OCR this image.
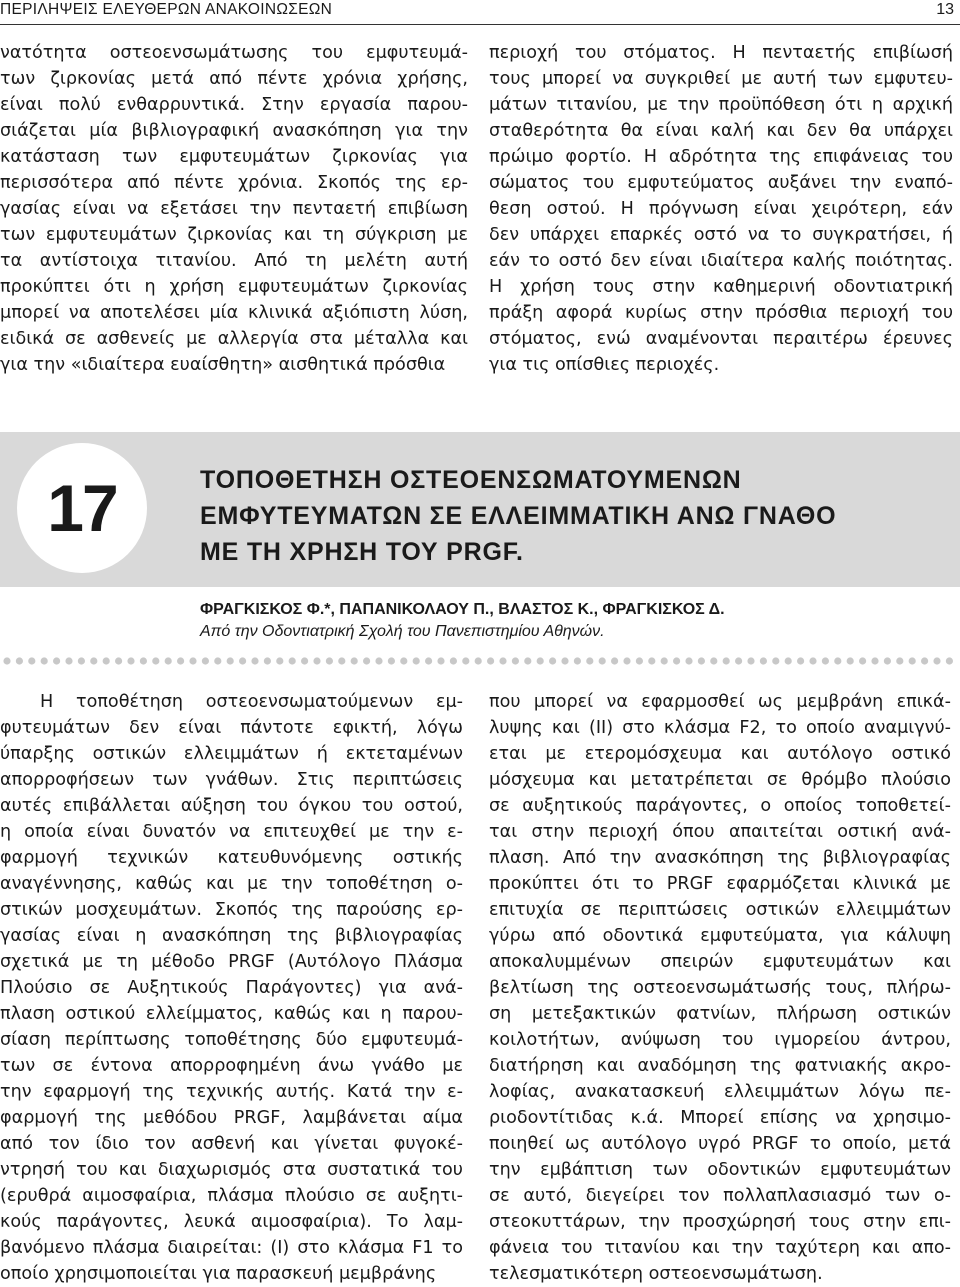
ΠΕΡΙΛΗΨΕΙΣ ΕΛΕΥΘΕΡΩΝ ΑΝΑΚΟΙΝΩΣΕΩΝ	13

νατότητα οστεοενσωμάτωσης του εμφυτευμά-

των ζιρκονίας μετά από πέντε χρόνια χρήσης,

είναι πολύ ενθαρρυντικά. Στην εργασία παρου-

σιάζεται μία βιβλιογραφική ανασκόπηση για την

κατάσταση των εμφυτευμάτων ζιρκονίας για

περισσότερα από πέντε χρόνια. Σκοπός της ερ-

γασίας είναι να εξετάσει την πενταετή επιβίωση

των εμφυτευμάτων ζιρκονίας και τη σύγκριση με

τα αντίστοιχα τιτανίου. Από τη μελέτη αυτή

προκύπτει ότι η χρήση εμφυτευμάτων ζιρκονίας

μπορεί να αποτελέσει μία κλινικά αξιόπιστη λύση,

ειδικά σε ασθενείς με αλλεργία στα μέταλλα και

για την «ιδιαίτερα ευαίσθητη» αισθητικά πρόσθια

περιοχή του στόματος. Η πενταετής επιβίωσή

τους μπορεί να συγκριθεί με αυτή των εμφυτευ-

μάτων τιτανίου, με την προϋπόθεση ότι η αρχική

σταθερότητα θα είναι καλή και δεν θα υπάρχει

πρώιμο φορτίο. Η αδρότητα της επιφάνειας του

σώματος του εμφυτεύματος αυξάνει την εναπό-

θεση οστού. Η πρόγνωση είναι χειρότερη, εάν

δεν υπάρχει επαρκές οστό να το συγκρατήσει, ή

εάν το οστό δεν είναι ιδιαίτερα καλής ποιότητας.

Η χρήση τους στην καθημερινή οδοντιατρική

πράξη αφορά κυρίως στην πρόσθια περιοχή του

στόματος, ενώ αναμένονται περαιτέρω έρευνες

για τις οπίσθιες περιοχές.

17	ΤΟΠΟΘΕΤΗΣΗ ΟΣΤΕΟΕΝΣΩΜΑΤΟΥΜΕΝΩΝ
ΕΜΦΥΤΕΥΜΑΤΩΝ ΣΕ ΕΛΛΕΙΜΜΑΤΙΚΗ ΑΝΩ ΓΝΑΘΟ
ΜΕ ΤΗ ΧΡΗΣΗ ΤΟΥ PRGF.
ΦΡΑΓΚΙΣΚΟΣ Φ.*, ΠΑΠΑΝΙΚΟΛΑΟΥ Π., ΒΛΑΣΤΟΣ Κ., ΦΡΑΓΚΙΣΚΟΣ Δ.
Από την Οδοντιατρική Σχολή του Πανεπιστημίου Αθηνών.

Η τοποθέτηση οστεοενσωματούμενων εμ-

φυτευμάτων δεν είναι πάντοτε εφικτή, λόγω

ύπαρξης οστικών ελλειμμάτων ή εκτεταμένων

απορροφήσεων των γνάθων. Στις περιπτώσεις

αυτές επιβάλλεται αύξηση του όγκου του οστού,

η οποία είναι δυνατόν να επιτευχθεί με την ε-

φαρμογή τεχνικών κατευθυνόμενης οστικής

αναγέννησης, καθώς και με την τοποθέτηση ο-

στικών μοσχευμάτων. Σκοπός της παρούσης ερ-

γασίας είναι η ανασκόπηση της βιβλιογραφίας

σχετικά με τη μέθοδο PRGF (Αυτόλογο Πλάσμα

Πλούσιο σε Αυξητικούς Παράγοντες) για ανά-

πλαση οστικού ελλείμματος, καθώς και η παρου-

σίαση περίπτωσης τοποθέτησης δύο εμφυτευμά-

των σε έντονα απορροφημένη άνω γνάθο με

την εφαρμογή της τεχνικής αυτής. Κατά την ε-

φαρμογή της μεθόδου PRGF, λαμβάνεται αίμα

από τον ίδιο τον ασθενή και γίνεται φυγοκέ-

ντρησή του και διαχωρισμός στα συστατικά του

(ερυθρά αιμοσφαίρια, πλάσμα πλούσιο σε αυξητι-

κούς παράγοντες, λευκά αιμοσφαίρια). Το λαμ-

βανόμενο πλάσμα διαιρείται: (Ι) στο κλάσμα F1 το

οποίο χρησιμοποιείται για παρασκευή μεμβράνης

που μπορεί να εφαρμοσθεί ως μεμβράνη επικά-

λυψης και (ΙΙ) στο κλάσμα F2, το οποίο αναμιγνύ-

εται με ετερομόσχευμα και αυτόλογο οστικό

μόσχευμα και μετατρέπεται σε θρόμβο πλούσιο

σε αυξητικούς παράγοντες, ο οποίος τοποθετεί-

ται στην περιοχή όπου απαιτείται οστική ανά-

πλαση. Από την ανασκόπηση της βιβλιογραφίας

προκύπτει ότι το PRGF εφαρμόζεται κλινικά με

επιτυχία σε περιπτώσεις οστικών ελλειμμάτων

γύρω από οδοντικά εμφυτεύματα, για κάλυψη

αποκαλυμμένων σπειρών εμφυτευμάτων και

βελτίωση της οστεοενσωμάτωσής τους, πλήρω-

ση μετεξακτικών φατνίων, πλήρωση οστικών

κοιλοτήτων, ανύψωση του ιγμορείου άντρου,

διατήρηση και αναδόμηση της φατνιακής ακρο-

λοφίας, ανακατασκευή ελλειμμάτων λόγω πε-

ριοδοντίτιδας κ.ά. Μπορεί επίσης να χρησιμο-

ποιηθεί ως αυτόλογο υγρό PRGF το οποίο, μετά

την εμβάπτιση των οδοντικών εμφυτευμάτων

σε αυτό, διεγείρει τον πολλαπλασιασμό των ο-

στεοκυττάρων, την προσχώρησή τους στην επι-

φάνεια του τιτανίου και την ταχύτερη και απο-

τελεσματικότερη οστεοενσωμάτωση.
